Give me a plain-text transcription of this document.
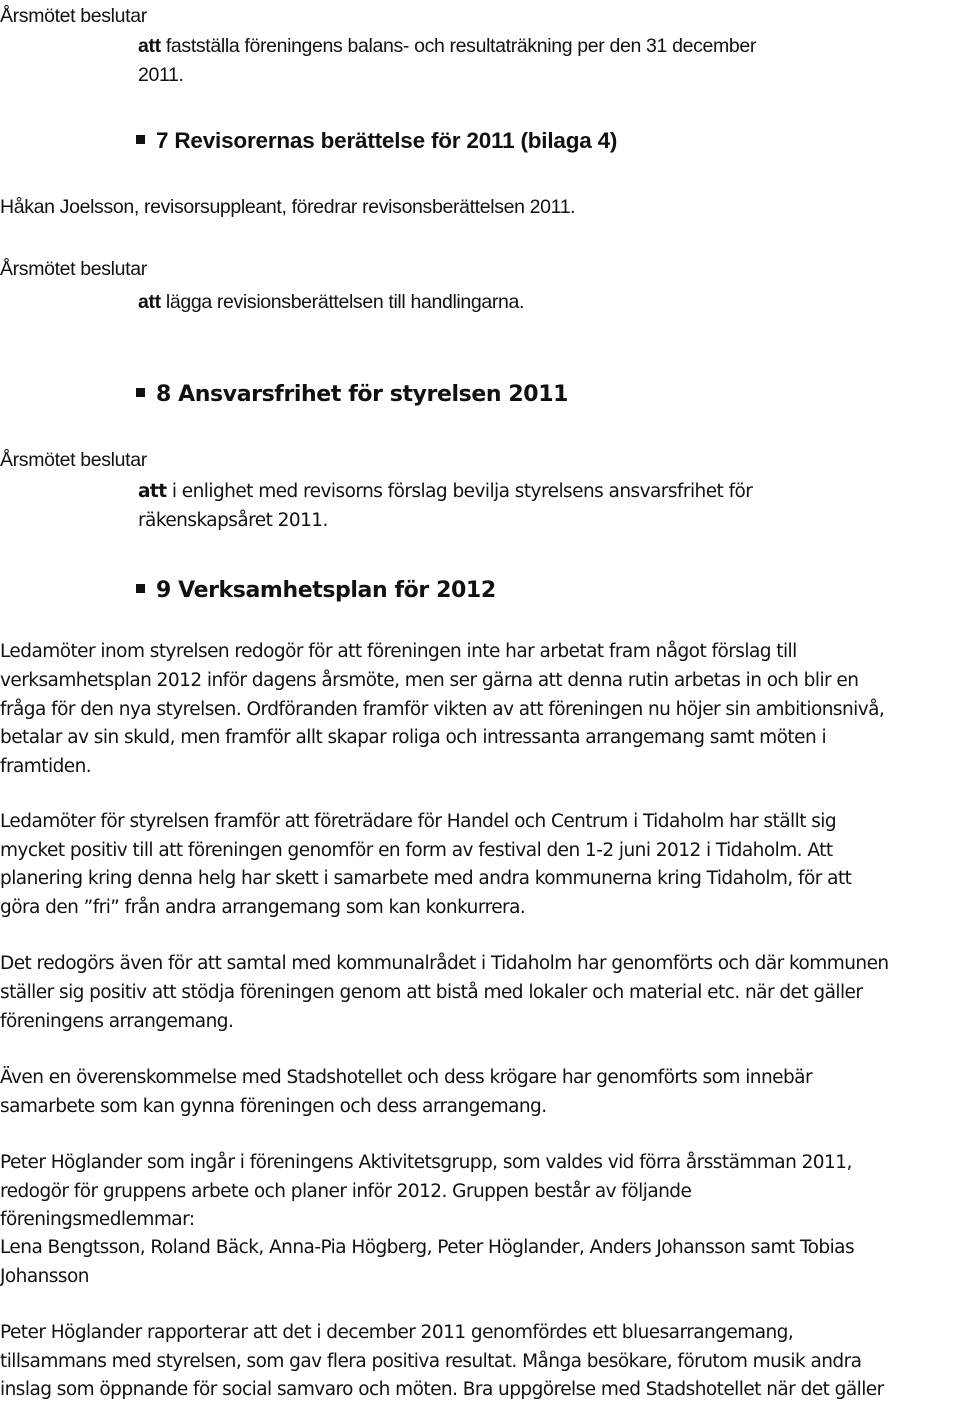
Årsmötet beslutar
att fastställa föreningens balans- och resultaträkning per den 31 december
2011.
7 Revisorernas berättelse för 2011 (bilaga 4)
Håkan Joelsson, revisorsuppleant, föredrar revisonsberättelsen 2011.
Årsmötet beslutar
att lägga revisionsberättelsen till handlingarna.
8 Ansvarsfrihet för styrelsen 2011
Årsmötet beslutar
att i enlighet med revisorns förslag bevilja styrelsens ansvarsfrihet för
räkenskapsåret 2011.
9 Verksamhetsplan för 2012
Ledamöter inom styrelsen redogör för att föreningen inte har arbetat fram något förslag till
verksamhetsplan 2012 inför dagens årsmöte, men ser gärna att denna rutin arbetas in och blir en
fråga för den nya styrelsen. Ordföranden framför vikten av att föreningen nu höjer sin ambitionsnivå,
betalar av sin skuld, men framför allt skapar roliga och intressanta arrangemang samt möten i
framtiden.
Ledamöter för styrelsen framför att företrädare för Handel och Centrum i Tidaholm har ställt sig
mycket positiv till att föreningen genomför en form av festival den 1-2 juni 2012 i Tidaholm. Att
planering kring denna helg har skett i samarbete med andra kommunerna kring Tidaholm, för att
göra den ”fri” från andra arrangemang som kan konkurrera.
Det redogörs även för att samtal med kommunalrådet i Tidaholm har genomförts och där kommunen
ställer sig positiv att stödja föreningen genom att bistå med lokaler och material etc. när det gäller
föreningens arrangemang.
Även en överenskommelse med Stadshotellet och dess krögare har genomförts som innebär
samarbete som kan gynna föreningen och dess arrangemang.
Peter Höglander som ingår i föreningens Aktivitetsgrupp, som valdes vid förra årsstämman 2011,
redogör för gruppens arbete och planer inför 2012. Gruppen består av följande
föreningsmedlemmar:
Lena Bengtsson, Roland Bäck, Anna-Pia Högberg, Peter Höglander, Anders Johansson samt Tobias
Johansson
Peter Höglander rapporterar att det i december 2011 genomfördes ett bluesarrangemang,
tillsammans med styrelsen, som gav flera positiva resultat. Många besökare, förutom musik andra
inslag som öppnande för social samvaro och möten. Bra uppgörelse med Stadshotellet när det gäller
